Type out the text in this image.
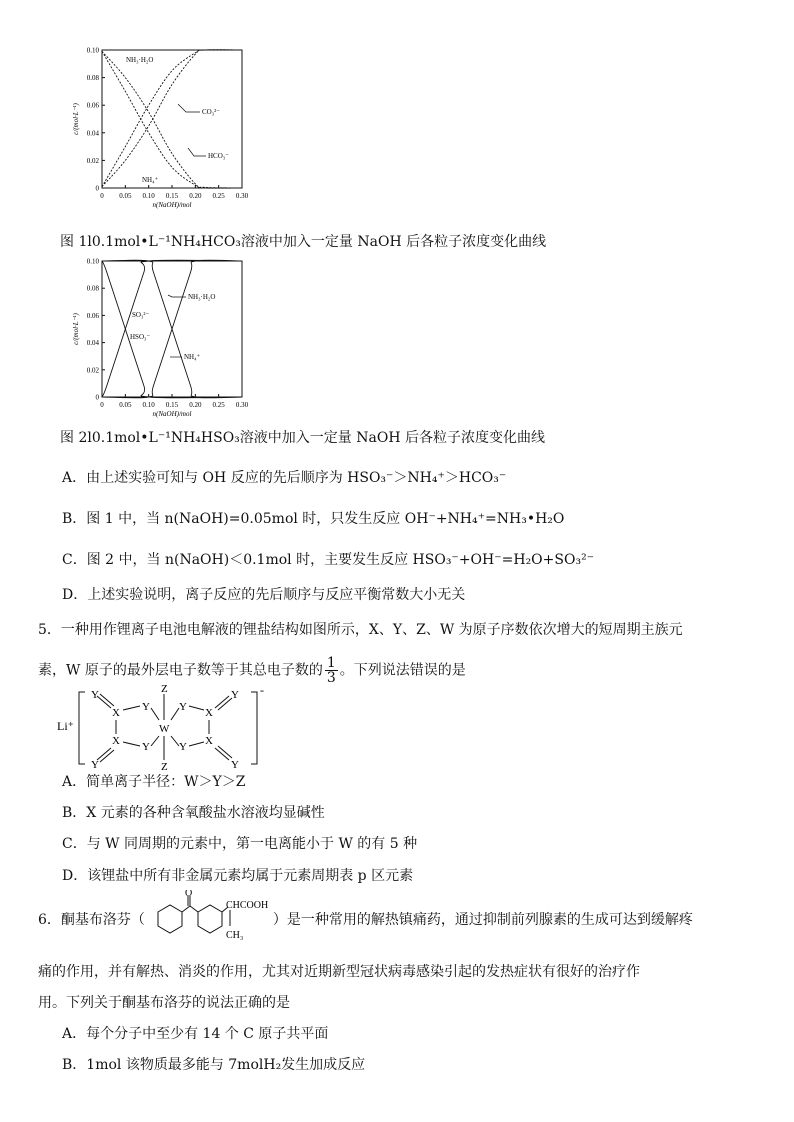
0 0.05 0.10 0.15 0.20 0.25 0.30
0
0.02
0.04
0.06
0.08
0.10
n(NaOH)/mol
c/(mol·L⁻¹)
NH₃·H₂O
CO₃²⁻
HCO₃⁻
NH₄⁺
图 1l0.1mol•L⁻¹NH₄HCO₃溶液中加入一定量 NaOH 后各粒子浓度变化曲线
0 0.05 0.10 0.15 0.20 0.25 0.30
0
0.02
0.04
0.06
0.08
0.10
n(NaOH)/mol
c/(mol·L⁻¹)	SO₃²⁻
HSO₃⁻
NH₃·H₂O
NH₄⁺
图 2l0.1mol•L⁻¹NH₄HSO₃溶液中加入一定量 NaOH 后各粒子浓度变化曲线
A．由上述实验可知与 OH 反应的先后顺序为 HSO₃⁻＞NH₄⁺＞HCO₃⁻
B．图 1 中，当 n(NaOH)=0.05mol 时，只发生反应 OH⁻+NH₄⁺=NH₃•H₂O
C．图 2 中，当 n(NaOH)＜0.1mol 时，主要发生反应 HSO₃⁻+OH⁻=H₂O+SO₃²⁻
D．上述实验说明，离子反应的先后顺序与反应平衡常数大小无关
5．一种用作锂离子电池电解液的锂盐结构如图所示，X、Y、Z、W 为原子序数依次增大的短周期主族元
素，W 原子的最外层电子数等于其总电子数的 $\frac{1}{3}$ 。下列说法错误的是
Li⁺
-
Y
X Y
X Y
Y
Z
W
Z
Y X
Y
Y X
Y
A．简单离子半径：W＞Y＞Z
B．X 元素的各种含氧酸盐水溶液均显碱性
C．与 W 同周期的元素中，第一电离能小于 W 的有 5 种
D．该锂盐中所有非金属元素均属于元素周期表 p 区元素
6．酮基布洛芬（	）是一种常用的解热镇痛药，通过抑制前列腺素的生成可达到缓解疼
O
CHCOOH
CH₃
痛的作用，并有解热、消炎的作用，尤其对近期新型冠状病毒感染引起的发热症状有很好的治疗作
用。下列关于酮基布洛芬的说法正确的是
A．每个分子中至少有 14 个 C 原子共平面
B．1mol 该物质最多能与 7molH₂发生加成反应
